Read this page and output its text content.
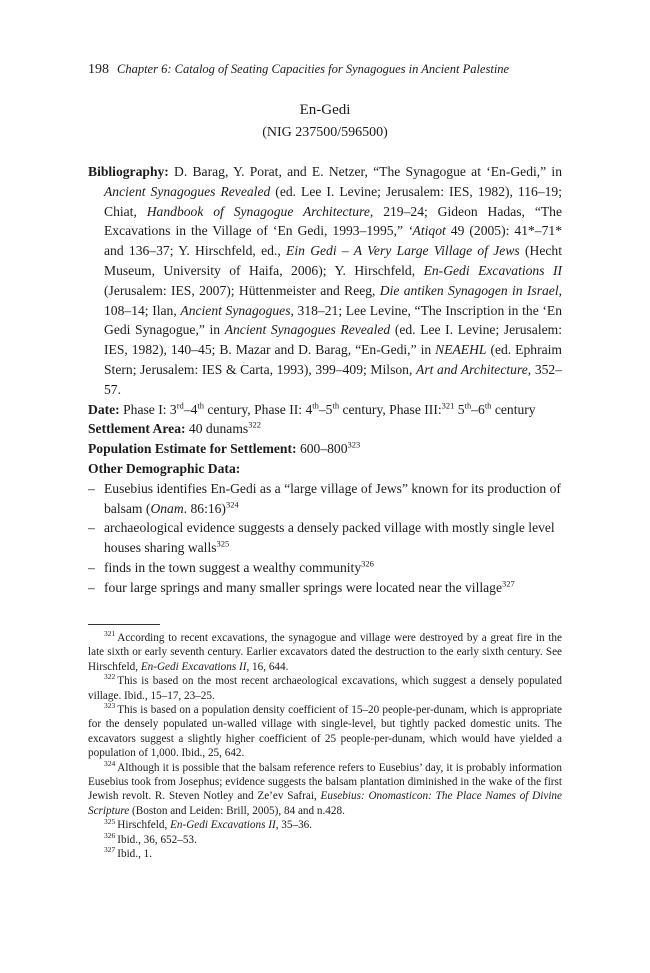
198 Chapter 6: Catalog of Seating Capacities for Synagogues in Ancient Palestine
En-Gedi
(NIG 237500/596500)

Bibliography: D. Barag, Y. Porat, and E. Netzer, “The Synagogue at ‘En-Gedi,” in Ancient Synagogues Revealed (ed. Lee I. Levine; Jerusalem: IES, 1982), 116–19; Chiat, Handbook of Synagogue Architecture, 219–24; Gideon Hadas, “The Excavations in the Village of ‘En Gedi, 1993–1995,” ‘Atiqot 49 (2005): 41*–71* and 136–37; Y. Hirschfeld, ed., Ein Gedi – A Very Large Village of Jews (Hecht Museum, University of Haifa, 2006); Y. Hirschfeld, En-Gedi Excavations II (Jerusalem: IES, 2007); Hüttenmeister and Reeg, Die antiken Synagogen in Israel, 108–14; Ilan, Ancient Synagogues, 318–21; Lee Levine, “The Inscription in the ‘En Gedi Synagogue,” in Ancient Synagogues Revealed (ed. Lee I. Levine; Jerusalem: IES, 1982), 140–45; B. Mazar and D. Barag, “En-Gedi,” in NEAEHL (ed. Ephraim Stern; Jerusalem: IES & Carta, 1993), 399–409; Milson, Art and Architecture, 352–57.

Date: Phase I: 3rd–4th century, Phase II: 4th–5th century, Phase III:$^{321}$ 5th–6th century

Settlement Area: 40 dunams$^{322}$

Population Estimate for Settlement: $600-800^{323}$

Other Demographic Data:

– Eusebius identifies En-Gedi as a “large village of Jews” known for its production of balsam (Onam. 86:16)$^{324}$
– archaeological evidence suggests a densely packed village with mostly single level houses sharing walls$^{325}$
– finds in the town suggest a wealthy community$^{326}$
– four large springs and many smaller springs were located near the village$^{327}$

$^{321}$ According to recent excavations, the synagogue and village were destroyed by a great fire in the late sixth or early seventh century. Earlier excavators dated the destruction to the early sixth century. See Hirschfeld, En-Gedi Excavations II, 16, 644.

$^{322}$ This is based on the most recent archaeological excavations, which suggest a densely populated village. Ibid., 15–17, 23–25.

$^{323}$ This is based on a population density coefficient of 15–20 people-per-dunam, which is appropriate for the densely populated un-walled village with single-level, but tightly packed domestic units. The excavators suggest a slightly higher coefficient of 25 people-per-dunam, which would have yielded a population of 1,000. Ibid., 25, 642.

$^{324}$ Although it is possible that the balsam reference refers to Eusebius’ day, it is probably information Eusebius took from Josephus; evidence suggests the balsam plantation diminished in the wake of the first Jewish revolt. R. Steven Notley and Ze’ev Safrai, Eusebius: Onomasticon: The Place Names of Divine Scripture (Boston and Leiden: Brill, 2005), 84 and n.428.

$^{325}$ Hirschfeld, En-Gedi Excavations II, 35–36.

$^{326}$ Ibid., 36, 652–53.

$^{327}$ Ibid., 1.
